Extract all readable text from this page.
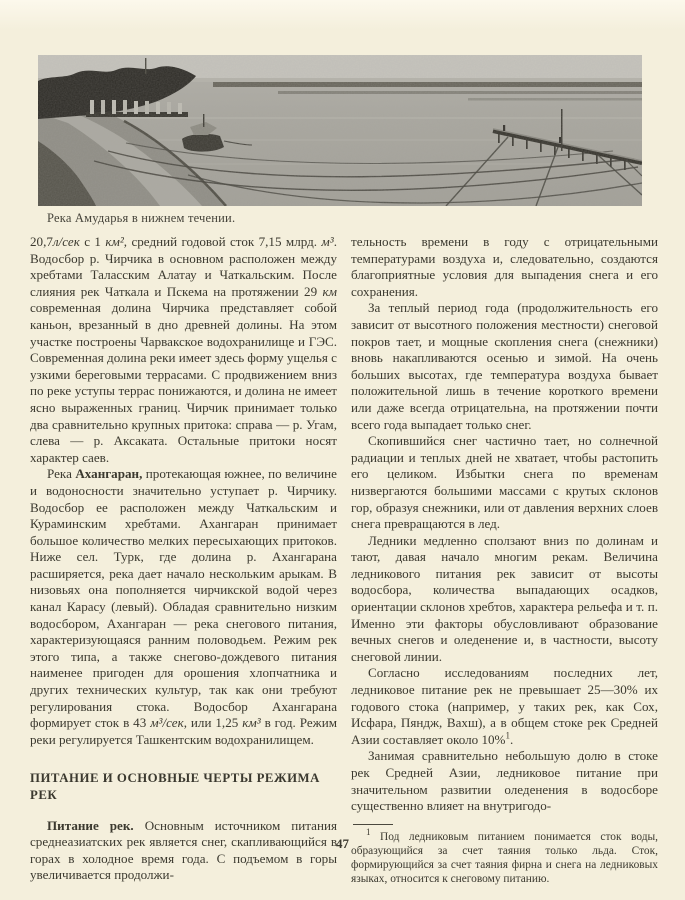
Река Амударья в нижнем течении.

20,7л/сек с 1 км², средний годовой сток 7,15 млрд. м³. Водосбор р. Чирчика в основном расположен между хребтами Таласским Алатау и Чаткальским. После слияния рек Чаткала и Пскема на протяжении 29 км современная долина Чирчика представляет собой каньон, врезанный в дно древней долины. На этом участке построены Чарвакское водохранилище и ГЭС. Современная долина реки имеет здесь форму ущелья с узкими береговыми террасами. С продвижением вниз по реке уступы террас понижаются, и долина не имеет ясно выраженных границ. Чирчик принимает только два сравнительно крупных притока: справа — р. Угам, слева — р. Аксаката. Остальные притоки носят характер саев.

Река Ахангаран, протекающая южнее, по величине и водоносности значительно уступает р. Чирчику. Водосбор ее расположен между Чаткальским и Кураминским хребтами. Ахангаран принимает большое количество мелких пересыхающих притоков. Ниже сел. Турк, где долина р. Ахангарана расширяется, река дает начало нескольким арыкам. В низовьях она пополняется чирчикской водой через канал Карасу (левый). Обладая сравнительно низким водосбором, Ахангаран — река снегового питания, характеризующаяся ранним половодьем. Режим рек этого типа, а также снегово-дождевого питания наименее пригоден для орошения хлопчатника и других технических культур, так как они требуют регулирования стока. Водосбор Ахангарана формирует сток в 43 м³/сек, или 1,25 км³ в год. Режим реки регулируется Ташкентским водохранилищем.

ПИТАНИЕ И ОСНОВНЫЕ ЧЕРТЫ РЕЖИМА РЕК

Питание рек. Основным источником питания среднеазиатских рек является снег, скапливающийся в горах в холодное время года. С подъемом в горы увеличивается продолжи-

тельность времени в году с отрицательными температурами воздуха и, следовательно, создаются благоприятные условия для выпадения снега и его сохранения.

За теплый период года (продолжительность его зависит от высотного положения местности) снеговой покров тает, и мощные скопления снега (снежники) вновь накапливаются осенью и зимой. На очень больших высотах, где температура воздуха бывает положительной лишь в течение короткого времени или даже всегда отрицательна, на протяжении почти всего года выпадает только снег.

Скопившийся снег частично тает, но солнечной радиации и теплых дней не хватает, чтобы растопить его целиком. Избытки снега по временам низвергаются большими массами с крутых склонов гор, образуя снежники, или от давления верхних слоев снега превращаются в лед.

Ледники медленно сползают вниз по долинам и тают, давая начало многим рекам. Величина ледникового питания рек зависит от высоты водосбора, количества выпадающих осадков, ориентации склонов хребтов, характера рельефа и т. п. Именно эти факторы обусловливают образование вечных снегов и оледенение и, в частности, высоту снеговой линии.

Согласно исследованиям последних лет, ледниковое питание рек не превышает 25—30% их годового стока (например, у таких рек, как Сох, Исфара, Пяндж, Вахш), а в общем стоке рек Средней Азии составляет около 10%$^1$.

Занимая сравнительно небольшую долю в стоке рек Средней Азии, ледниковое питание при значительном развитии оледенения в водосборе существенно влияет на внутригодо-

$^1$ Под ледниковым питанием понимается сток воды, образующийся за счет таяния только льда. Сток, формирующийся за счет таяния фирна и снега на ледниковых языках, относится к снеговому питанию.

47
